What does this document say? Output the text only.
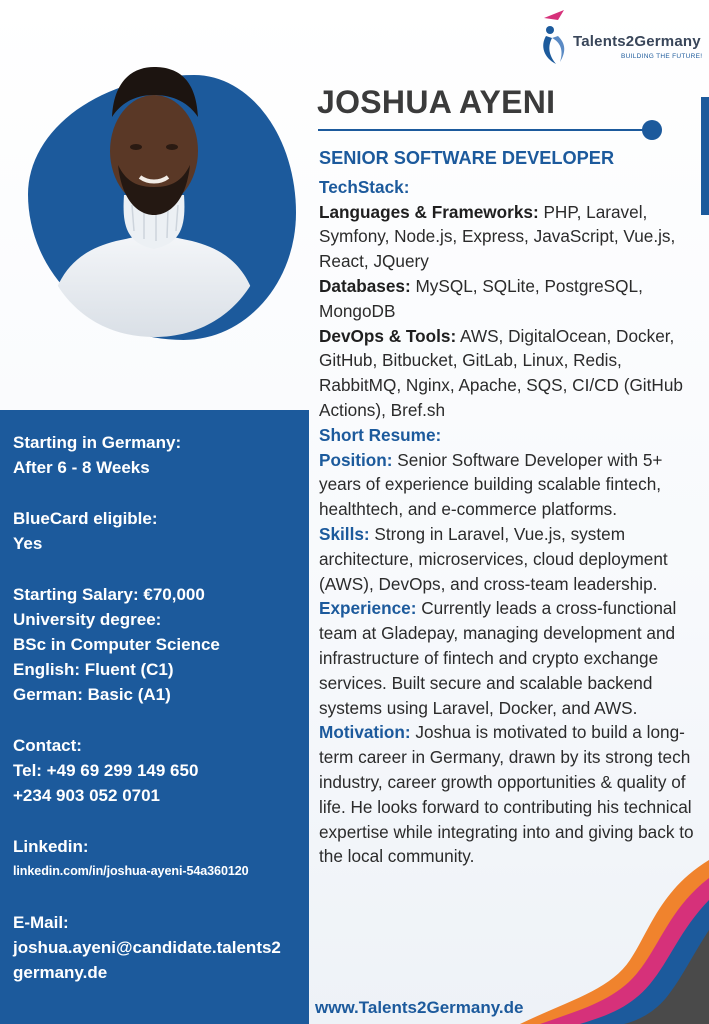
Talents2Germany
BUILDING THE FUTURE!
JOSHUA AYENI

SENIOR SOFTWARE DEVELOPER

TechStack:

Languages & Frameworks: PHP, Laravel, Symfony, Node.js, Express, JavaScript, Vue.js, React, JQuery

Databases: MySQL, SQLite, PostgreSQL, MongoDB

DevOps & Tools: AWS, DigitalOcean, Docker, GitHub, Bitbucket, GitLab, Linux, Redis, RabbitMQ, Nginx, Apache, SQS, CI/CD (GitHub Actions), Bref.sh

Short Resume:

Position: Senior Software Developer with 5+ years of experience building scalable fintech, healthtech, and e-commerce platforms.

Skills: Strong in Laravel, Vue.js, system architecture, microservices, cloud deployment (AWS), DevOps, and cross-team leadership.

Experience: Currently leads a cross-functional team at Gladepay, managing development and infrastructure of fintech and crypto exchange services. Built secure and scalable backend systems using Laravel, Docker, and AWS.

Motivation: Joshua is motivated to build a long-term career in Germany, drawn by its strong tech industry, career growth opportunities & quality of life. He looks forward to contributing his technical expertise while integrating into and giving back to the local community.

Starting in Germany:
After 6 - 8 Weeks
BlueCard eligible:
Yes
Starting Salary: €70,000
University degree:
BSc in Computer Science
English: Fluent (C1)
German: Basic (A1)
Contact:
Tel: +49 69 299 149 650
+234 903 052 0701
Linkedin:
linkedin.com/in/joshua-ayeni-54a360120
E-Mail:
joshua.ayeni@candidate.talents2
germany.de
www.Talents2Germany.de
